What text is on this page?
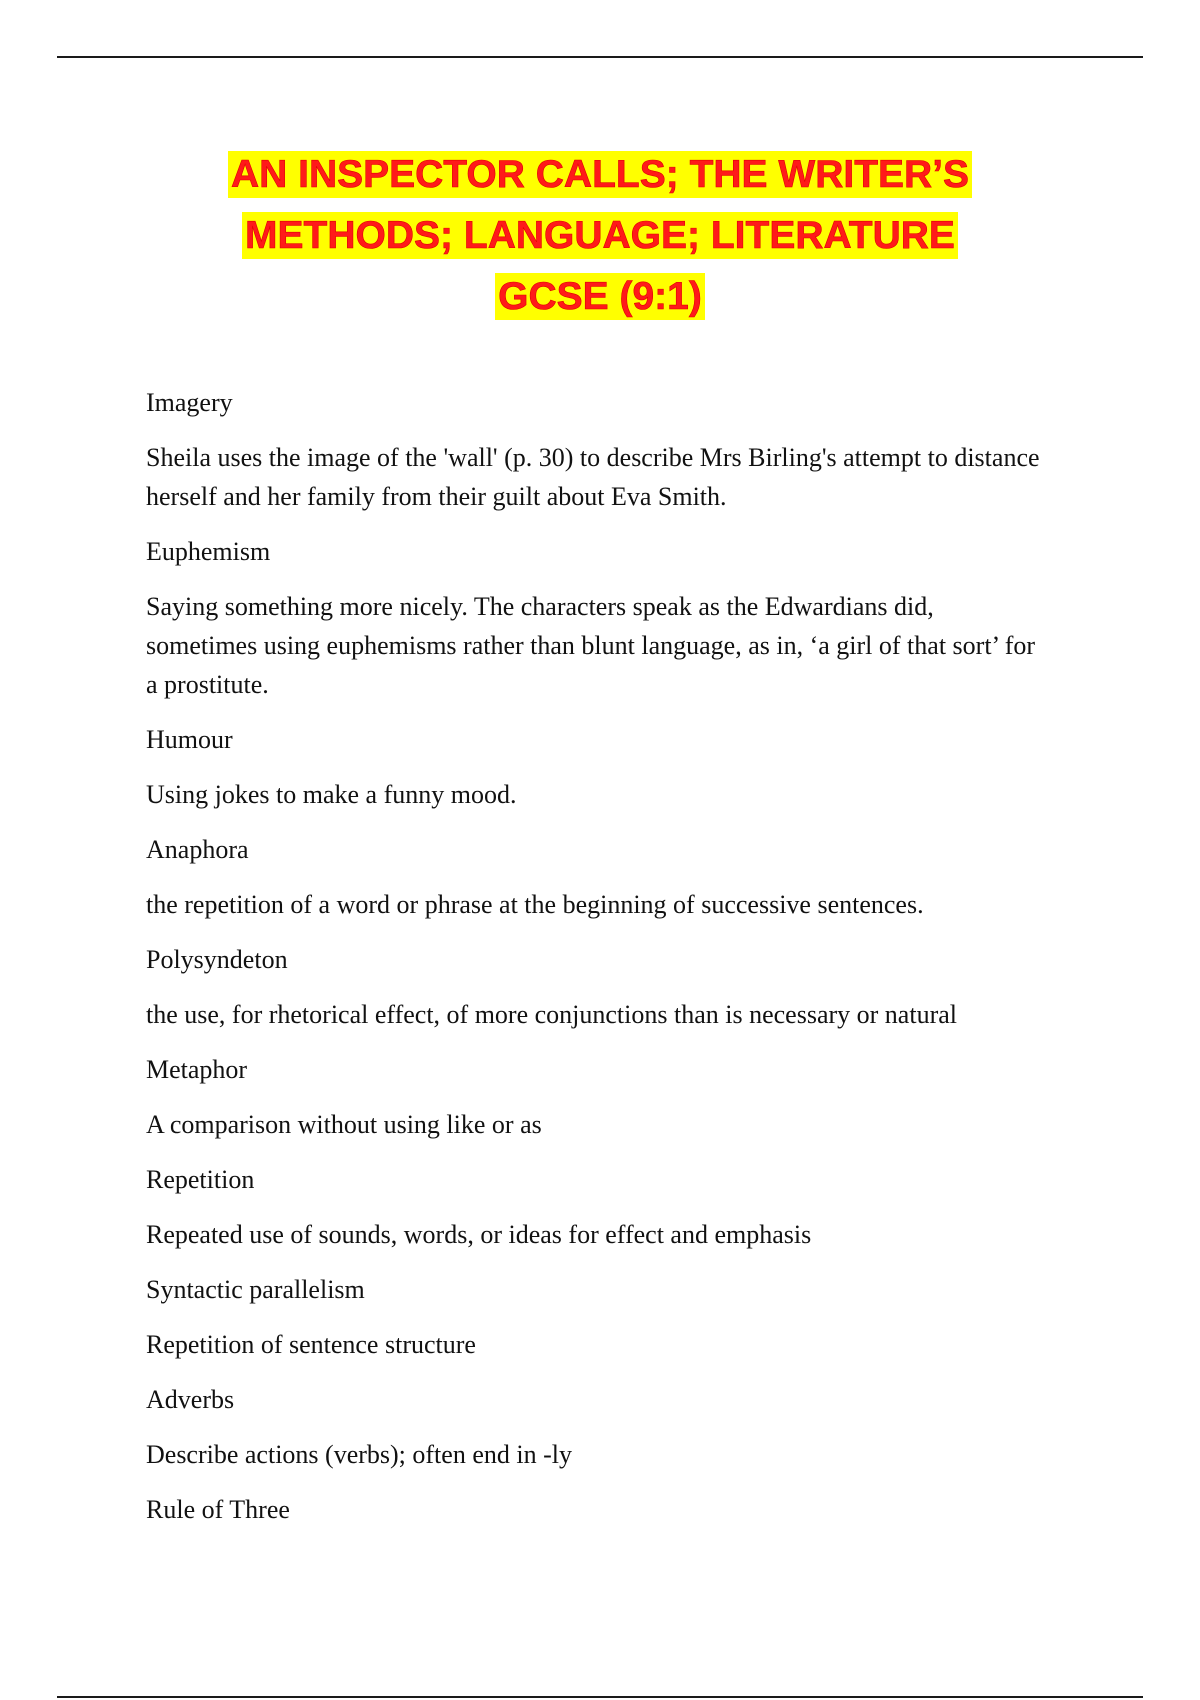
AN INSPECTOR CALLS; THE WRITER’S
METHODS; LANGUAGE; LITERATURE
GCSE (9:1)

Imagery

Sheila uses the image of the 'wall' (p. 30) to describe Mrs Birling's attempt to distance herself and her family from their guilt about Eva Smith.

Euphemism

Saying something more nicely. The characters speak as the Edwardians did, sometimes using euphemisms rather than blunt language, as in, ‘a girl of that sort’ for a prostitute.

Humour

Using jokes to make a funny mood.

Anaphora

the repetition of a word or phrase at the beginning of successive sentences.

Polysyndeton

the use, for rhetorical effect, of more conjunctions than is necessary or natural

Metaphor

A comparison without using like or as

Repetition

Repeated use of sounds, words, or ideas for effect and emphasis

Syntactic parallelism

Repetition of sentence structure

Adverbs

Describe actions (verbs); often end in -ly

Rule of Three
